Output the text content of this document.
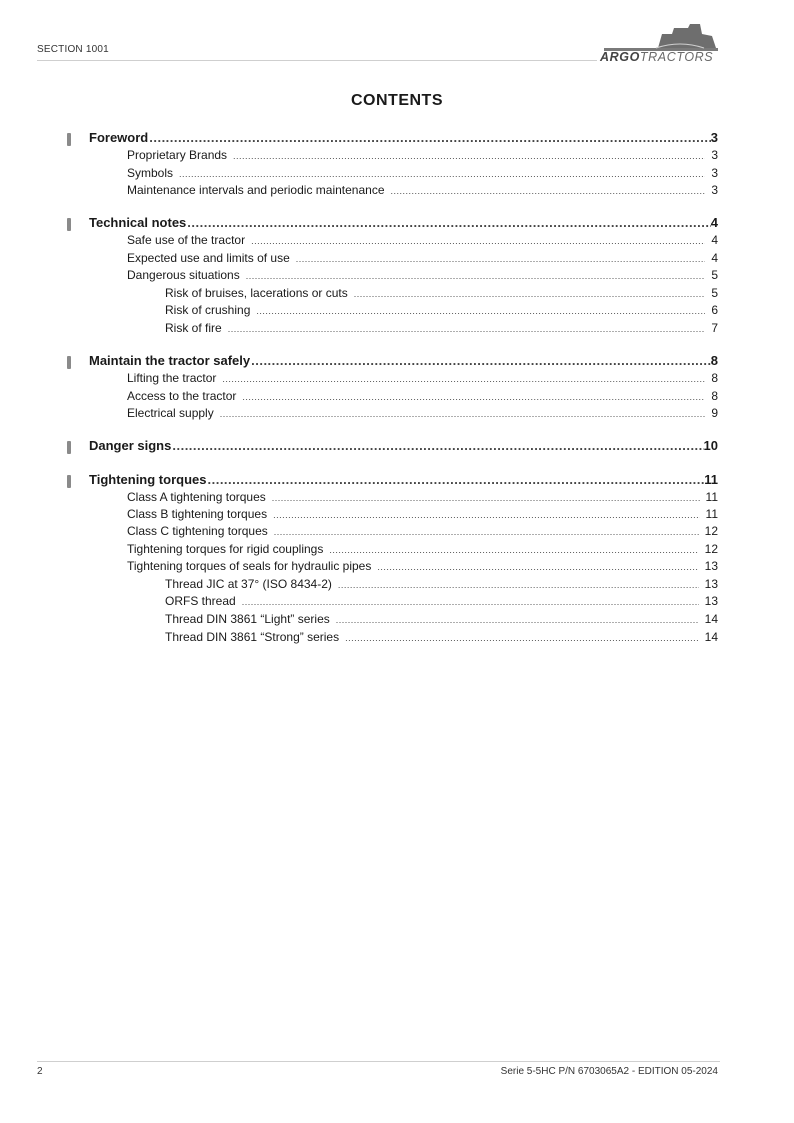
SECTION 1001
ARGOTRACTORS
CONTENTS
Foreword .....	3
Proprietary Brands .....	3
Symbols .....	3
Maintenance intervals and periodic maintenance .....	3
Technical notes .....	4
Safe use of the tractor .....	4
Expected use and limits of use .....	4
Dangerous situations .....	5
Risk of bruises, lacerations or cuts .....	5
Risk of crushing .....	6
Risk of fire .....	7
Maintain the tractor safely .....	8
Lifting the tractor .....	8
Access to the tractor .....	8
Electrical supply .....	9
Danger signs .....	10
Tightening torques .....	11
Class A tightening torques .....	11
Class B tightening torques .....	11
Class C tightening torques .....	12
Tightening torques for rigid couplings .....	12
Tightening torques of seals for hydraulic pipes .....	13
Thread JIC at 37° (ISO 8434-2) .....	13
ORFS thread .....	13
Thread DIN 3861 “Light” series .....	14
Thread DIN 3861 “Strong” series .....	14
2	Serie 5-5HC P/N 6703065A2 - EDITION 05-2024
